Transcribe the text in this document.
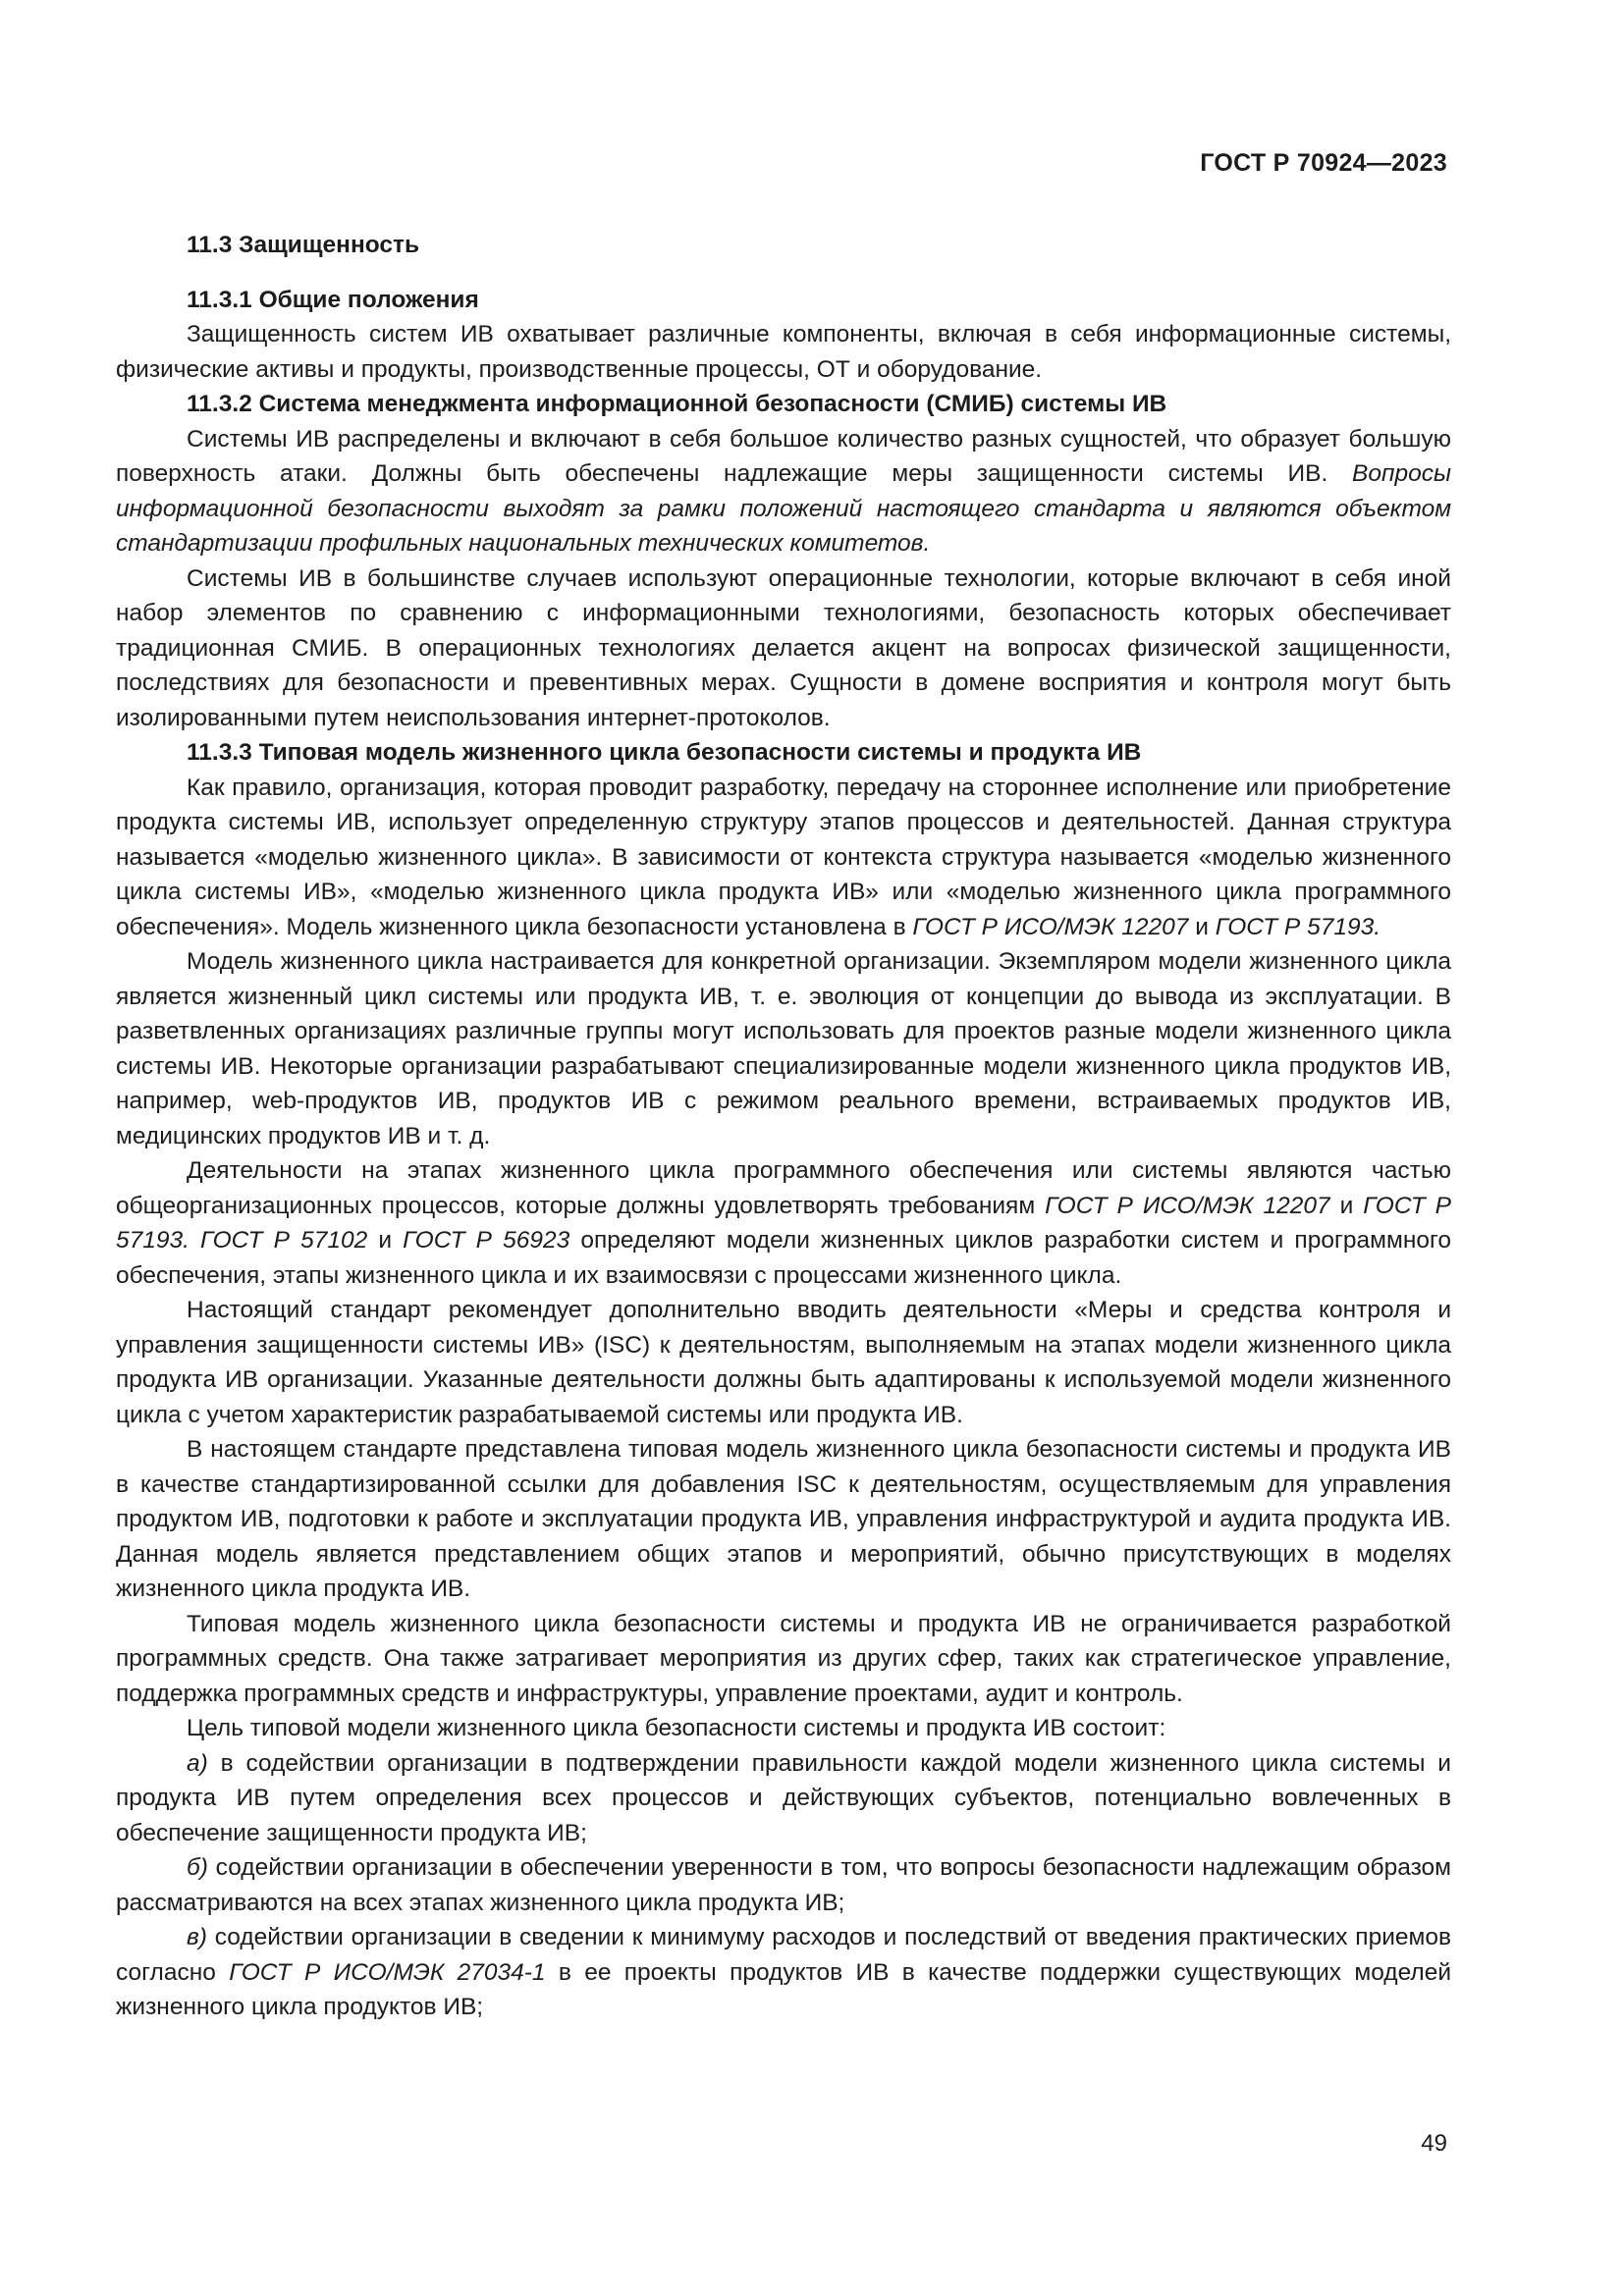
ГОСТ Р 70924—2023
11.3 Защищенность
11.3.1 Общие положения

Защищенность систем ИВ охватывает различные компоненты, включая в себя информационные системы, физические активы и продукты, производственные процессы, ОТ и оборудование.

11.3.2 Система менеджмента информационной безопасности (СМИБ) системы ИВ

Системы ИВ распределены и включают в себя большое количество разных сущностей, что образует большую поверхность атаки. Должны быть обеспечены надлежащие меры защищенности системы ИВ. Вопросы информационной безопасности выходят за рамки положений настоящего стандарта и являются объектом стандартизации профильных национальных технических комитетов.

Системы ИВ в большинстве случаев используют операционные технологии, которые включают в себя иной набор элементов по сравнению с информационными технологиями, безопасность которых обеспечивает традиционная СМИБ. В операционных технологиях делается акцент на вопросах физической защищенности, последствиях для безопасности и превентивных мерах. Сущности в домене восприятия и контроля могут быть изолированными путем неиспользования интернет-протоколов.

11.3.3 Типовая модель жизненного цикла безопасности системы и продукта ИВ

Как правило, организация, которая проводит разработку, передачу на стороннее исполнение или приобретение продукта системы ИВ, использует определенную структуру этапов процессов и деятельностей. Данная структура называется «моделью жизненного цикла». В зависимости от контекста структура называется «моделью жизненного цикла системы ИВ», «моделью жизненного цикла продукта ИВ» или «моделью жизненного цикла программного обеспечения». Модель жизненного цикла безопасности установлена в ГОСТ Р ИСО/МЭК 12207 и ГОСТ Р 57193.

Модель жизненного цикла настраивается для конкретной организации. Экземпляром модели жизненного цикла является жизненный цикл системы или продукта ИВ, т. е. эволюция от концепции до вывода из эксплуатации. В разветвленных организациях различные группы могут использовать для проектов разные модели жизненного цикла системы ИВ. Некоторые организации разрабатывают специализированные модели жизненного цикла продуктов ИВ, например, web-продуктов ИВ, продуктов ИВ с режимом реального времени, встраиваемых продуктов ИВ, медицинских продуктов ИВ и т. д.

Деятельности на этапах жизненного цикла программного обеспечения или системы являются частью общеорганизационных процессов, которые должны удовлетворять требованиям ГОСТ Р ИСО/МЭК 12207 и ГОСТ Р 57193. ГОСТ Р 57102 и ГОСТ Р 56923 определяют модели жизненных циклов разработки систем и программного обеспечения, этапы жизненного цикла и их взаимосвязи с процессами жизненного цикла.

Настоящий стандарт рекомендует дополнительно вводить деятельности «Меры и средства контроля и управления защищенности системы ИВ» (ISC) к деятельностям, выполняемым на этапах модели жизненного цикла продукта ИВ организации. Указанные деятельности должны быть адаптированы к используемой модели жизненного цикла с учетом характеристик разрабатываемой системы или продукта ИВ.

В настоящем стандарте представлена типовая модель жизненного цикла безопасности системы и продукта ИВ в качестве стандартизированной ссылки для добавления ISC к деятельностям, осуществляемым для управления продуктом ИВ, подготовки к работе и эксплуатации продукта ИВ, управления инфраструктурой и аудита продукта ИВ. Данная модель является представлением общих этапов и мероприятий, обычно присутствующих в моделях жизненного цикла продукта ИВ.

Типовая модель жизненного цикла безопасности системы и продукта ИВ не ограничивается разработкой программных средств. Она также затрагивает мероприятия из других сфер, таких как стратегическое управление, поддержка программных средств и инфраструктуры, управление проектами, аудит и контроль.

Цель типовой модели жизненного цикла безопасности системы и продукта ИВ состоит:

а) в содействии организации в подтверждении правильности каждой модели жизненного цикла системы и продукта ИВ путем определения всех процессов и действующих субъектов, потенциально вовлеченных в обеспечение защищенности продукта ИВ;

б) содействии организации в обеспечении уверенности в том, что вопросы безопасности надлежащим образом рассматриваются на всех этапах жизненного цикла продукта ИВ;

в) содействии организации в сведении к минимуму расходов и последствий от введения практических приемов согласно ГОСТ Р ИСО/МЭК 27034-1 в ее проекты продуктов ИВ в качестве поддержки существующих моделей жизненного цикла продуктов ИВ;

49
